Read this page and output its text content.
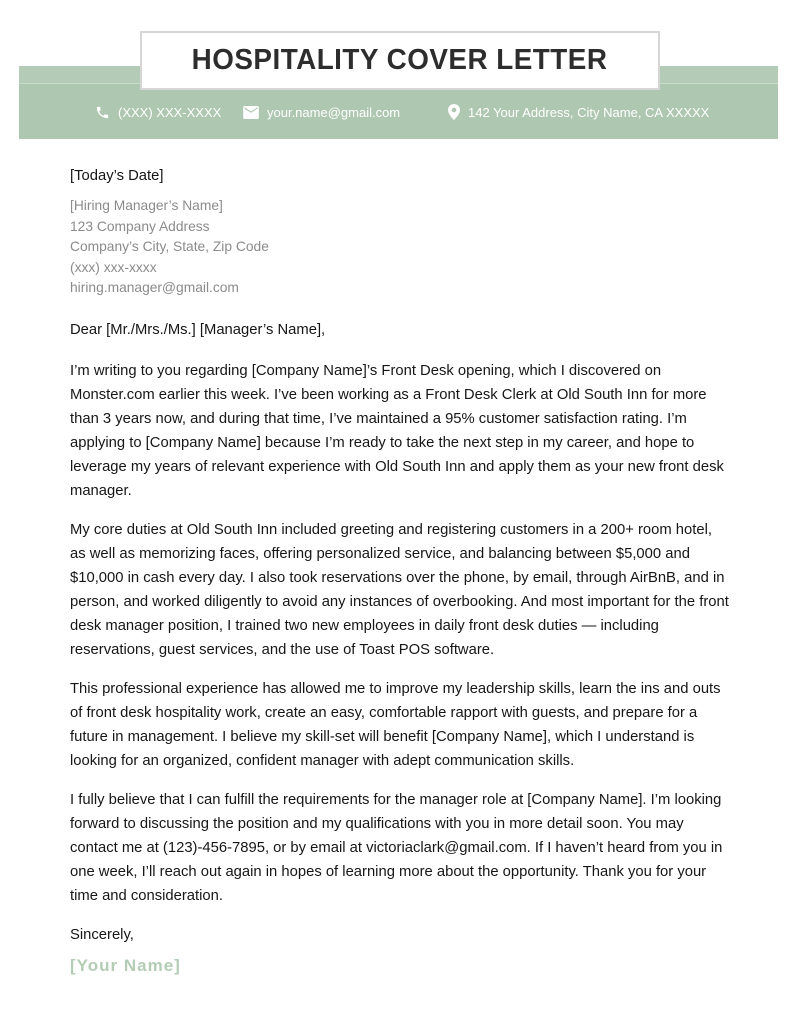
(XXX) XXX-XXXX	your.name@gmail.com	142 Your Address, City Name, CA XXXXX
HOSPITALITY COVER LETTER

[Today’s Date]

[Hiring Manager’s Name]

123 Company Address

Company’s City, State, Zip Code

(xxx) xxx-xxxx

hiring.manager@gmail.com

Dear [Mr./Mrs./Ms.] [Manager’s Name],

I’m writing to you regarding [Company Name]’s Front Desk opening, which I discovered on Monster.com earlier this week. I’ve been working as a Front Desk Clerk at Old South Inn for more than 3 years now, and during that time, I’ve maintained a 95% customer satisfaction rating. I’m applying to [Company Name] because I’m ready to take the next step in my career, and hope to leverage my years of relevant experience with Old South Inn and apply them as your new front desk manager.

My core duties at Old South Inn included greeting and registering customers in a 200+ room hotel, as well as memorizing faces, offering personalized service, and balancing between $5,000 and $10,000 in cash every day. I also took reservations over the phone, by email, through AirBnB, and in person, and worked diligently to avoid any instances of overbooking. And most important for the front desk manager position, I trained two new employees in daily front desk duties — including reservations, guest services, and the use of Toast POS software.

This professional experience has allowed me to improve my leadership skills, learn the ins and outs of front desk hospitality work, create an easy, comfortable rapport with guests, and prepare for a future in management. I believe my skill-set will benefit [Company Name], which I understand is looking for an organized, confident manager with adept communication skills.

I fully believe that I can fulfill the requirements for the manager role at [Company Name]. I’m looking forward to discussing the position and my qualifications with you in more detail soon. You may contact me at (123)-456-7895, or by email at victoriaclark@gmail.com. If I haven’t heard from you in one week, I’ll reach out again in hopes of learning more about the opportunity. Thank you for your time and consideration.

Sincerely,

[Your Name]
